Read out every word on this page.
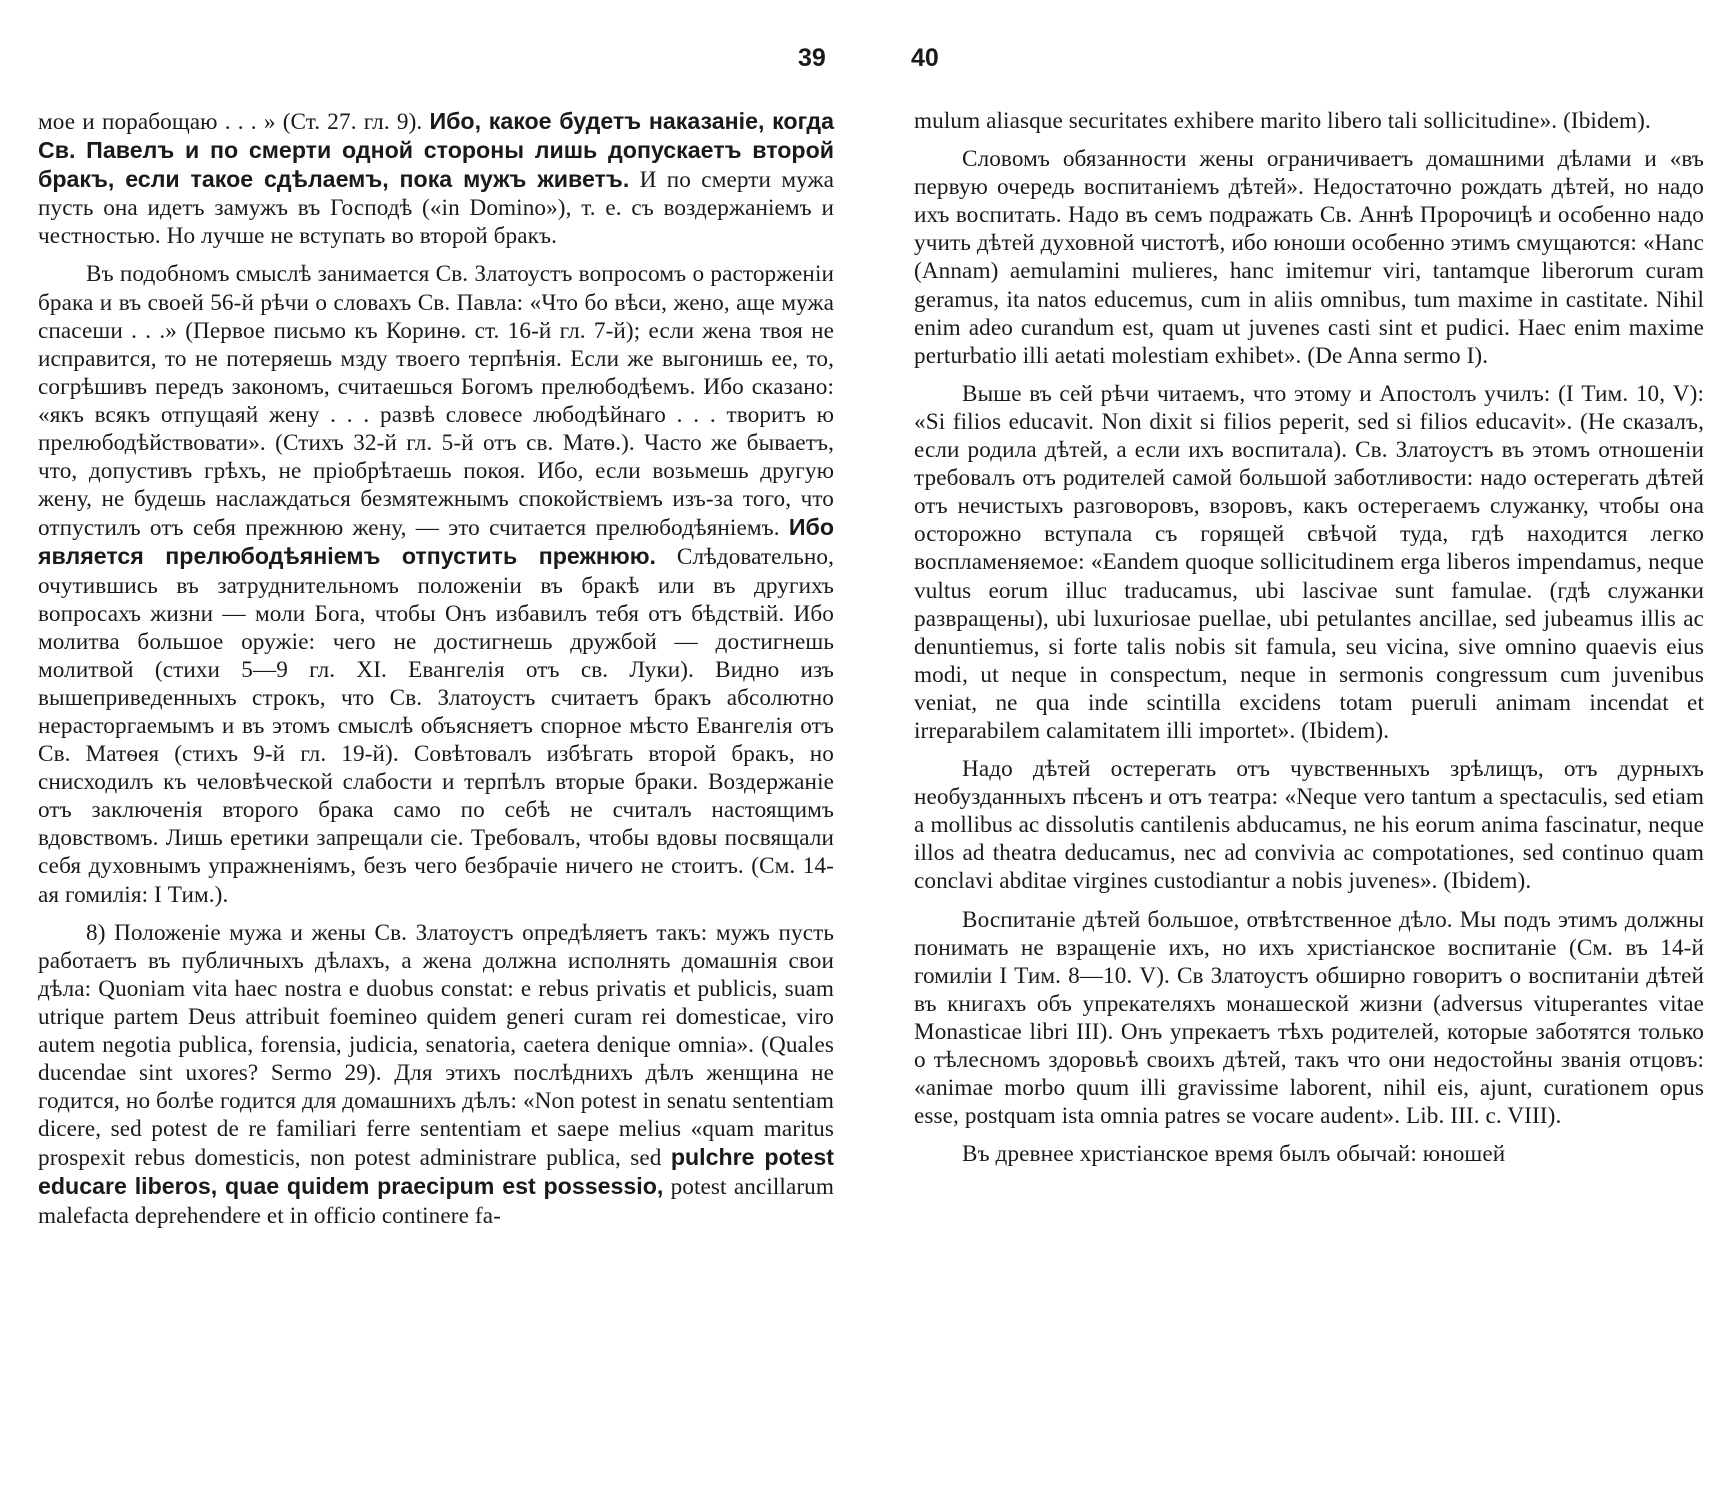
39

мое и порабощаю . . . » (Ст. 27. гл. 9). Ибо, какое будетъ наказаніе, когда Св. Павелъ и по смерти одной стороны лишь допускаетъ второй бракъ, если такое сдѣлаемъ, пока мужъ живетъ. И по смерти мужа пусть она идетъ замужъ въ Господѣ («in Domino»), т. е. съ воздержаніемъ и честностью. Но лучше не вступать во второй бракъ.

Въ подобномъ смыслѣ занимается Св. Златоустъ вопросомъ о расторженіи брака и въ своей 56-й рѣчи о словахъ Св. Павла: «Что бо вѣси, жено, аще мужа спасеши . . .» (Первое письмо къ Коринѳ. ст. 16-й гл. 7-й); если жена твоя не исправится, то не потеряешь мзду твоего терпѣнія. Если же выгонишь ее, то, согрѣшивъ передъ закономъ, считаешься Богомъ прелюбодѣемъ. Ибо сказано: «якъ всякъ отпущаяй жену . . . развѣ словесе любодѣйнаго . . . творитъ ю прелюбодѣйствовати». (Стихъ 32-й гл. 5-й отъ св. Матѳ.). Часто же бываетъ, что, допустивъ грѣхъ, не пріобрѣтаешь покоя. Ибо, если возьмешь другую жену, не будешь наслаждаться безмятежнымъ спокойствіемъ изъ-за того, что отпустилъ отъ себя прежнюю жену, — это считается прелюбодѣяніемъ. Ибо является прелюбодѣяніемъ отпустить прежнюю. Слѣдовательно, очутившись въ затруднительномъ положеніи въ бракѣ или въ другихъ вопросахъ жизни — моли Бога, чтобы Онъ избавилъ тебя отъ бѣдствій. Ибо молитва большое оружіе: чего не достигнешь дружбой — достигнешь молитвой (стихи 5—9 гл. XI. Евангелія отъ св. Луки). Видно изъ вышеприведенныхъ строкъ, что Св. Златоустъ считаетъ бракъ абсолютно нерасторгаемымъ и въ этомъ смыслѣ объясняетъ спорное мѣсто Евангелія отъ Св. Матѳея (стихъ 9-й гл. 19-й). Совѣтовалъ избѣгать второй бракъ, но снисходилъ къ человѣческой слабости и терпѣлъ вторые браки. Воздержаніе отъ заключенія второго брака само по себѣ не считалъ настоящимъ вдовствомъ. Лишь еретики запрещали сіе. Требовалъ, чтобы вдовы посвящали себя духовнымъ упражненіямъ, безъ чего безбрачіе ничего не стоитъ. (См. 14-ая гомилія: I Тим.).

8) Положеніе мужа и жены Св. Златоустъ опредѣляетъ такъ: мужъ пусть работаетъ въ публичныхъ дѣлахъ, а жена должна исполнять домашнія свои дѣла: Quoniam vita haec nostra e duobus constat: e rebus privatis et publicis, suam utrique partem Deus attribuit foemineo quidem generi curam rei domesticae, viro autem negotia publica, forensia, judicia, senatoria, caetera denique omnia». (Quales ducendae sint uxores? Sermo 29). Для этихъ послѣднихъ дѣлъ женщина не годится, но болѣе годится для домашнихъ дѣлъ: «Non potest in senatu sententiam dicere, sed potest de re familiari ferre sententiam et saepe melius «quam maritus prospexit rebus domesticis, non potest administrare publica, sed pulchre potest educare liberos, quae quidem praecipum est possessio, potest ancillarum malefacta deprehendere et in officio continere fa-

40

mulum aliasque securitates exhibere marito libero tali sollicitudine». (Ibidem).

Словомъ обязанности жены ограничиваетъ домашними дѣлами и «въ первую очередь воспитаніемъ дѣтей». Недостаточно рождать дѣтей, но надо ихъ воспитать. Надо въ семъ подражать Св. Аннѣ Пророчицѣ и особенно надо учить дѣтей духовной чистотѣ, ибо юноши особенно этимъ смущаются: «Hanc (Annam) aemulamini mulieres, hanc imitemur viri, tantamque liberorum curam geramus, ita natos educemus, cum in aliis omnibus, tum maxime in castitate. Nihil enim adeo curandum est, quam ut juvenes casti sint et pudici. Haec enim maxime perturbatio illi aetati molestiam exhibet». (De Anna sermo I).

Выше въ сей рѣчи читаемъ, что этому и Апостолъ училъ: (I Тим. 10, V): «Si filios educavit. Non dixit si filios peperit, sed si filios educavit». (Не сказалъ, если родила дѣтей, а если ихъ воспитала). Св. Златоустъ въ этомъ отношеніи требовалъ отъ родителей самой большой заботливости: надо остерегать дѣтей отъ нечистыхъ разговоровъ, взоровъ, какъ остерегаемъ служанку, чтобы она осторожно вступала съ горящей свѣчой туда, гдѣ находится легко воспламеняемое: «Eandem quoque sollicitudinem erga liberos impendamus, neque vultus eorum illuc traducamus, ubi lascivae sunt famulae. (гдѣ служанки развращены), ubi luxuriosae puellae, ubi petulantes ancillae, sed jubeamus illis ac denuntiemus, si forte talis nobis sit famula, seu vicina, sive omnino quaevis eius modi, ut neque in conspectum, neque in sermonis congressum cum juvenibus veniat, ne qua inde scintilla excidens totam pueruli animam incendat et irreparabilem calamitatem illi importet». (Ibidem).

Надо дѣтей остерегать отъ чувственныхъ зрѣлищъ, отъ дурныхъ необузданныхъ пѣсенъ и отъ театра: «Neque vero tantum a spectaculis, sed etiam a mollibus ac dissolutis cantilenis abducamus, ne his eorum anima fascinatur, neque illos ad theatra deducamus, nec ad convivia ac compotationes, sed continuo quam conclavi abditae virgines custodiantur a nobis juvenes». (Ibidem).

Воспитаніе дѣтей большое, отвѣтственное дѣло. Мы подъ этимъ должны понимать не взращеніе ихъ, но ихъ христіанское воспитаніе (См. въ 14-й гомиліи I Тим. 8—10. V). Св Златоустъ обширно говоритъ о воспитаніи дѣтей въ книгахъ объ упрекателяхъ монашеской жизни (adversus vituperantes vitae Monasticae libri III). Онъ упрекаетъ тѣхъ родителей, которые заботятся только о тѣлесномъ здоровьѣ своихъ дѣтей, такъ что они недостойны званія отцовъ: «animae morbo quum illi gravissime laborent, nihil eis, ajunt, curationem opus esse, postquam ista omnia patres se vocare audent». Lib. III. c. VIII).

Въ древнее христіанское время былъ обычай: юношей
